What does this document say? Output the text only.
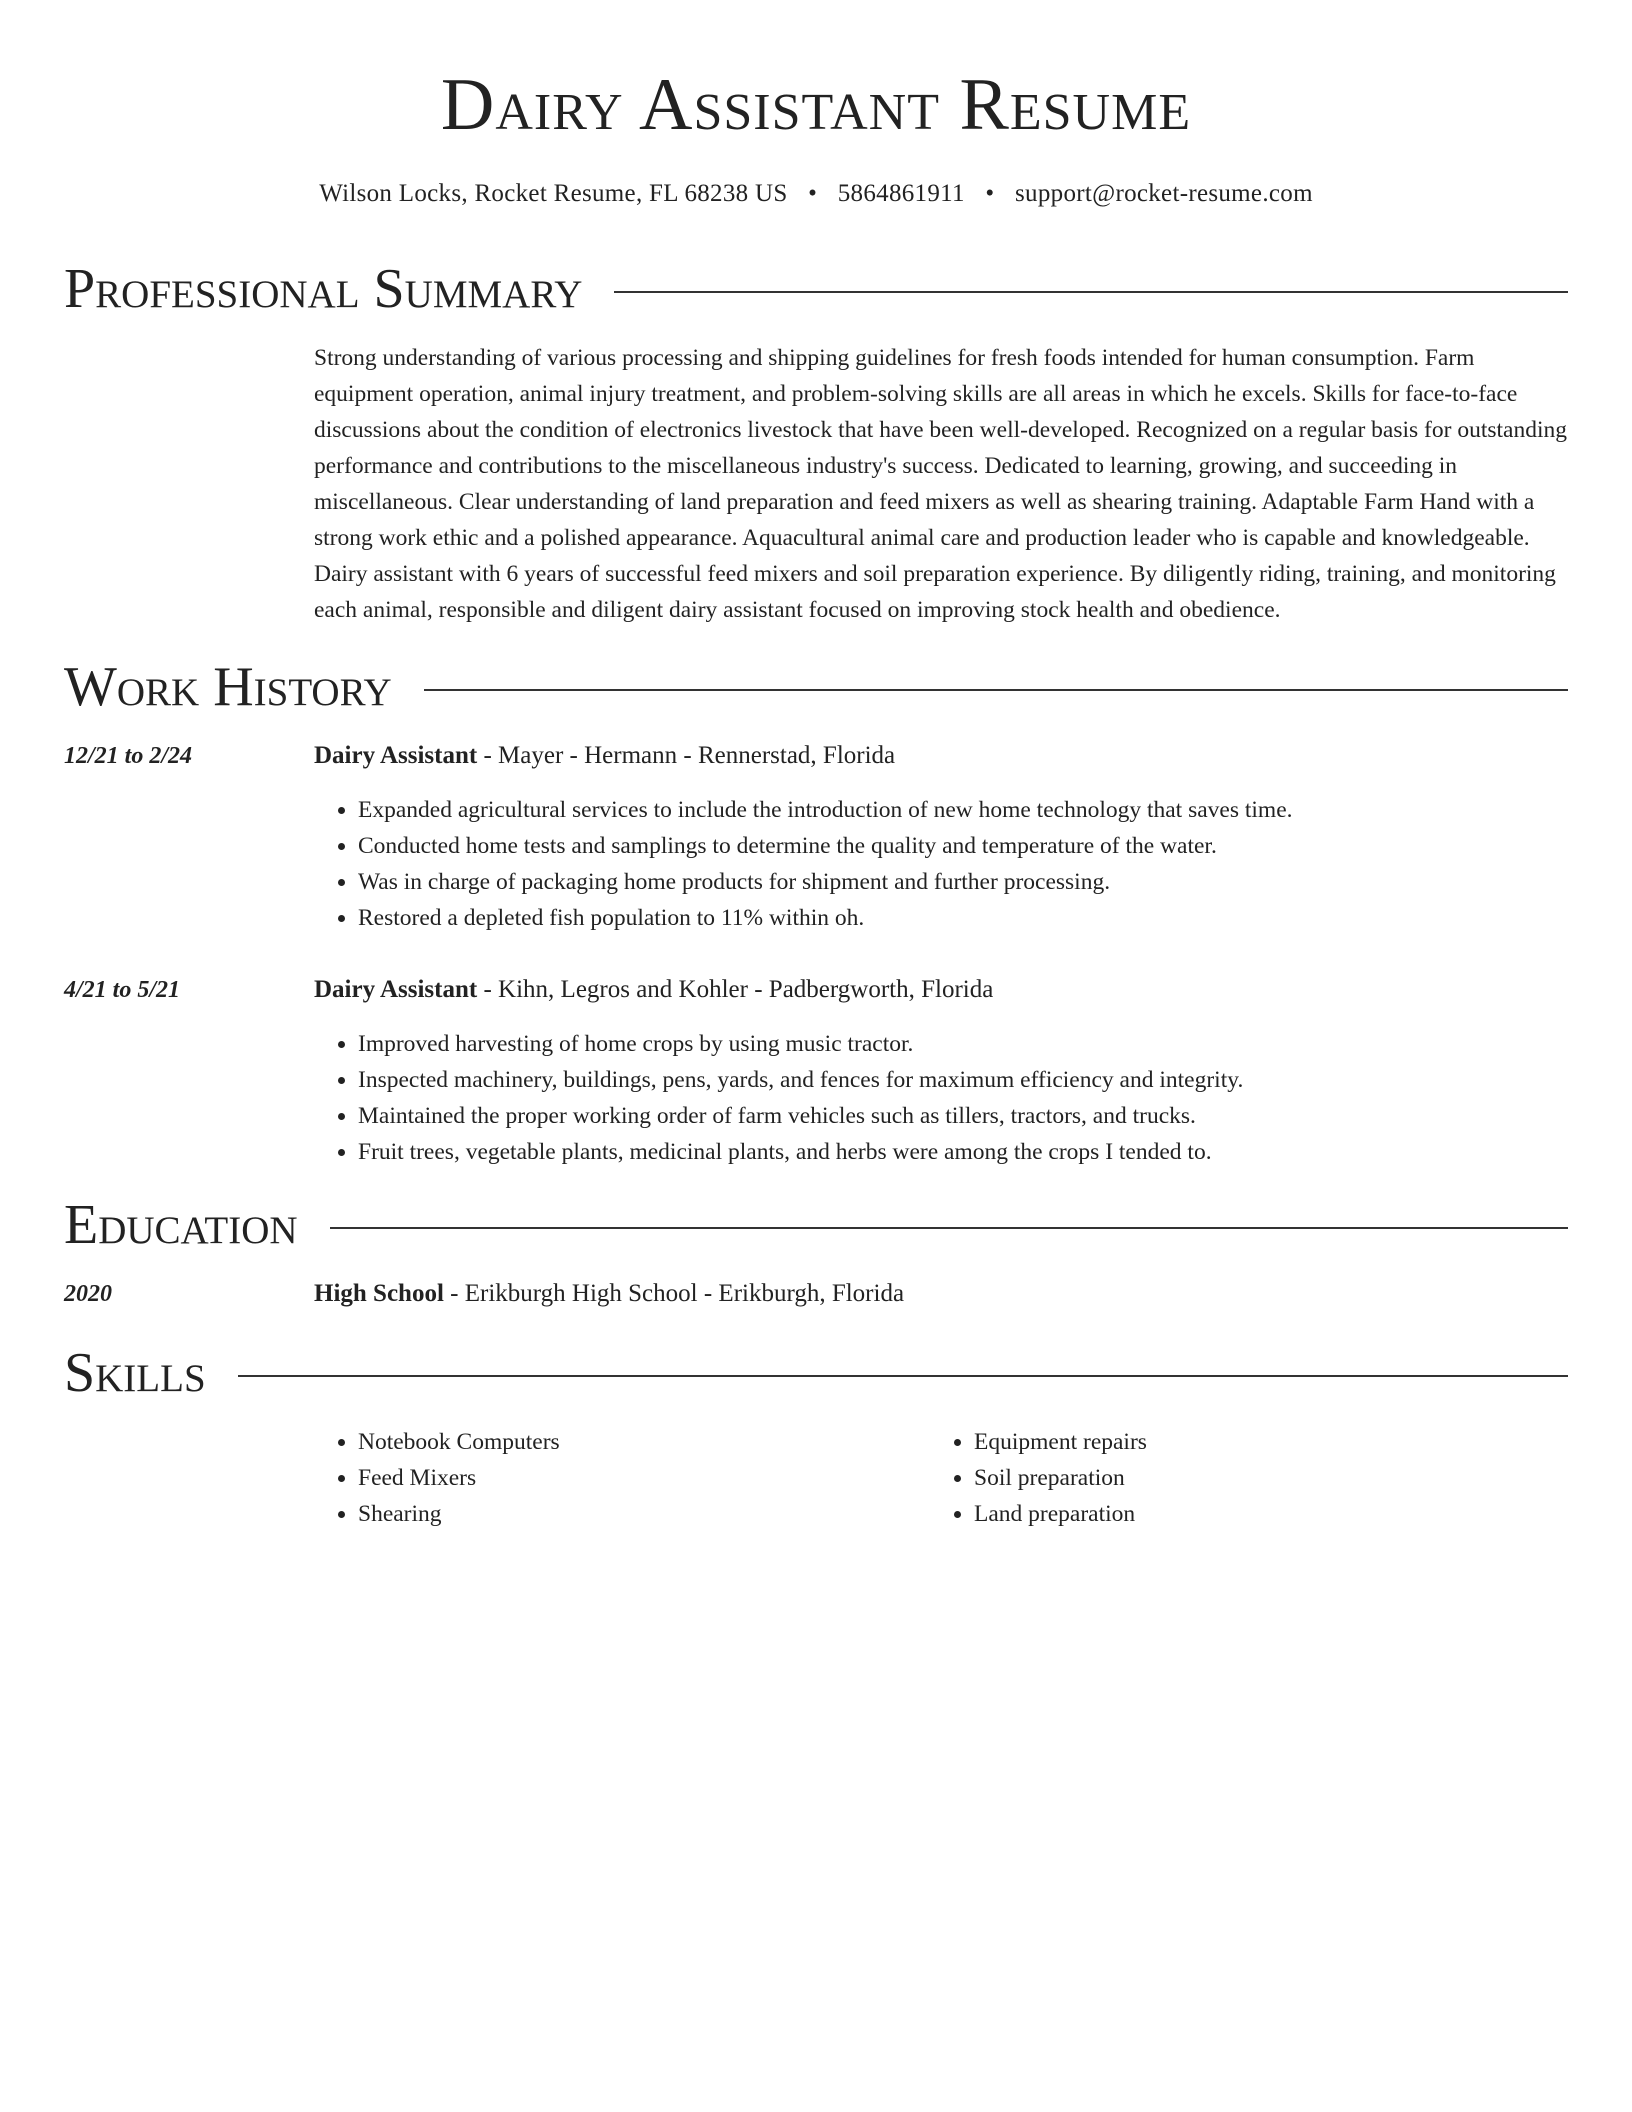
Dairy Assistant Resume
Wilson Locks, Rocket Resume, FL 68238 US • 5864861911 • support@rocket-resume.com
Professional Summary
Strong understanding of various processing and shipping guidelines for fresh foods intended for human consumption. Farm equipment operation, animal injury treatment, and problem-solving skills are all areas in which he excels. Skills for face-to-face discussions about the condition of electronics livestock that have been well-developed. Recognized on a regular basis for outstanding performance and contributions to the miscellaneous industry's success. Dedicated to learning, growing, and succeeding in miscellaneous. Clear understanding of land preparation and feed mixers as well as shearing training. Adaptable Farm Hand with a strong work ethic and a polished appearance. Aquacultural animal care and production leader who is capable and knowledgeable. Dairy assistant with 6 years of successful feed mixers and soil preparation experience. By diligently riding, training, and monitoring each animal, responsible and diligent dairy assistant focused on improving stock health and obedience.
Work History
12/21 to 2/24	Dairy Assistant - Mayer - Hermann - Rennerstad, Florida
• Expanded agricultural services to include the introduction of new home technology that saves time.
• Conducted home tests and samplings to determine the quality and temperature of the water.
• Was in charge of packaging home products for shipment and further processing.
• Restored a depleted fish population to 11% within oh.
4/21 to 5/21	Dairy Assistant - Kihn, Legros and Kohler - Padbergworth, Florida
• Improved harvesting of home crops by using music tractor.
• Inspected machinery, buildings, pens, yards, and fences for maximum efficiency and integrity.
• Maintained the proper working order of farm vehicles such as tillers, tractors, and trucks.
• Fruit trees, vegetable plants, medicinal plants, and herbs were among the crops I tended to.
Education
2020	High School - Erikburgh High School - Erikburgh, Florida
Skills
• Notebook Computers
• Feed Mixers
• Shearing
• Equipment repairs
• Soil preparation
• Land preparation
